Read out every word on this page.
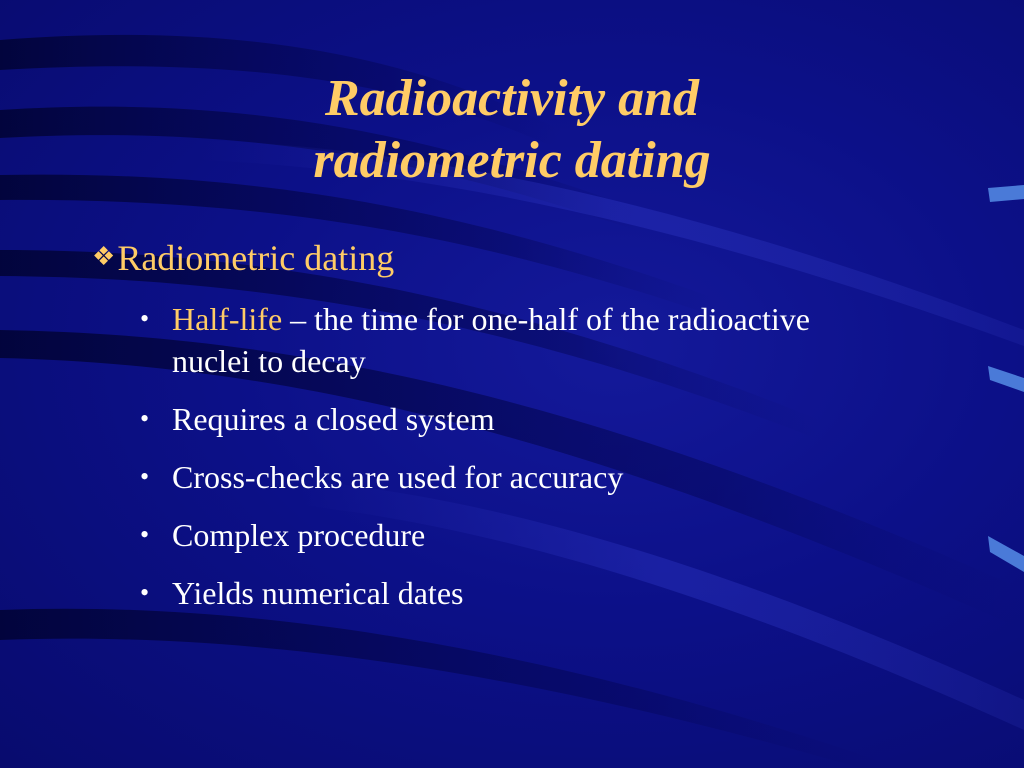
Radioactivity and
radiometric dating
❖Radiometric dating
• Half-life – the time for one-half of the radioactive nuclei to decay
• Requires a closed system
• Cross-checks are used for accuracy
• Complex procedure
• Yields numerical dates
